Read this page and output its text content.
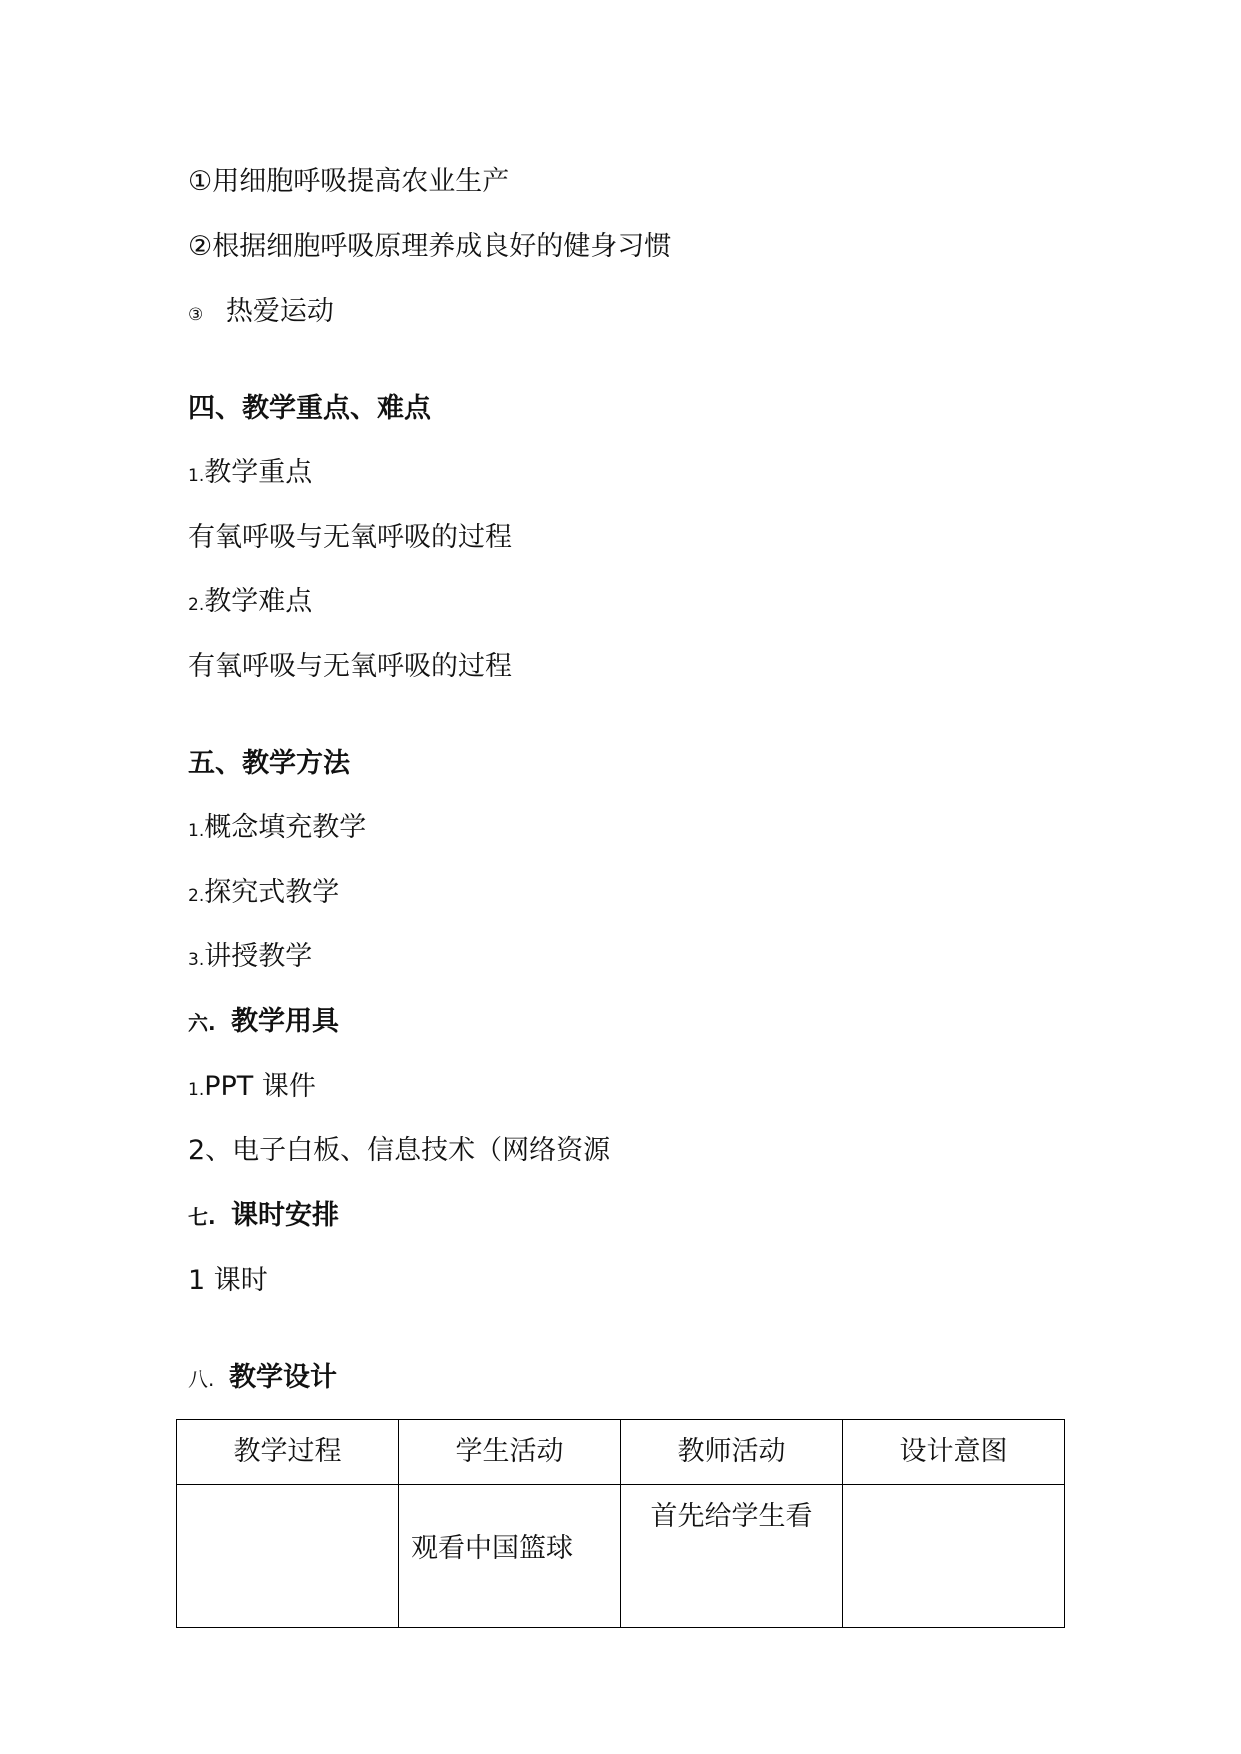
①用细胞呼吸提高农业生产
②根据细胞呼吸原理养成良好的健身习惯
③ 热爱运动
四、教学重点、难点
1.教学重点
有氧呼吸与无氧呼吸的过程
2.教学难点
有氧呼吸与无氧呼吸的过程
五、教学方法
1.概念填充教学
2.探究式教学
3.讲授教学
六. 教学用具
1.PPT 课件
2、电子白板、信息技术（网络资源
七. 课时安排
1 课时
八. 教学设计
教学过程	学生活动	教师活动	设计意图
	观看中国篮球	首先给学生看	
